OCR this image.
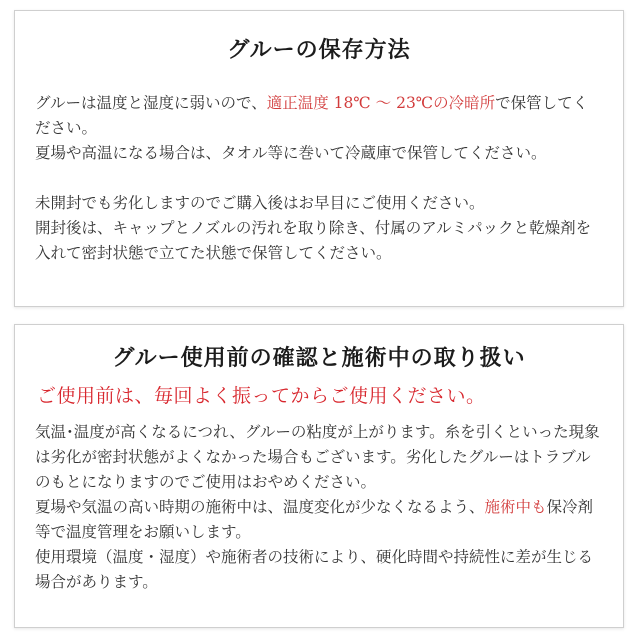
グルーの保存方法
グルーは温度と湿度に弱いので、適正温度 18℃ ～ 23℃の冷暗所で保管してください。
夏場や高温になる場合は、タオル等に巻いて冷蔵庫で保管してください。
未開封でも劣化しますのでご購入後はお早目にご使用ください。
開封後は、キャップとノズルの汚れを取り除き、付属のアルミパックと乾燥剤を入れて密封状態で立てた状態で保管してください。
グルー使用前の確認と施術中の取り扱い
ご使用前は、毎回よく振ってからご使用ください。
気温･温度が高くなるにつれ、グルーの粘度が上がります。糸を引くといった現象は劣化が密封状態がよくなかった場合もございます。劣化したグルーはトラブルのもとになりますのでご使用はおやめください。
夏場や気温の高い時期の施術中は、温度変化が少なくなるよう、施術中も保冷剤等で温度管理をお願いします。
使用環境（温度・湿度）や施術者の技術により、硬化時間や持続性に差が生じる場合があります。
